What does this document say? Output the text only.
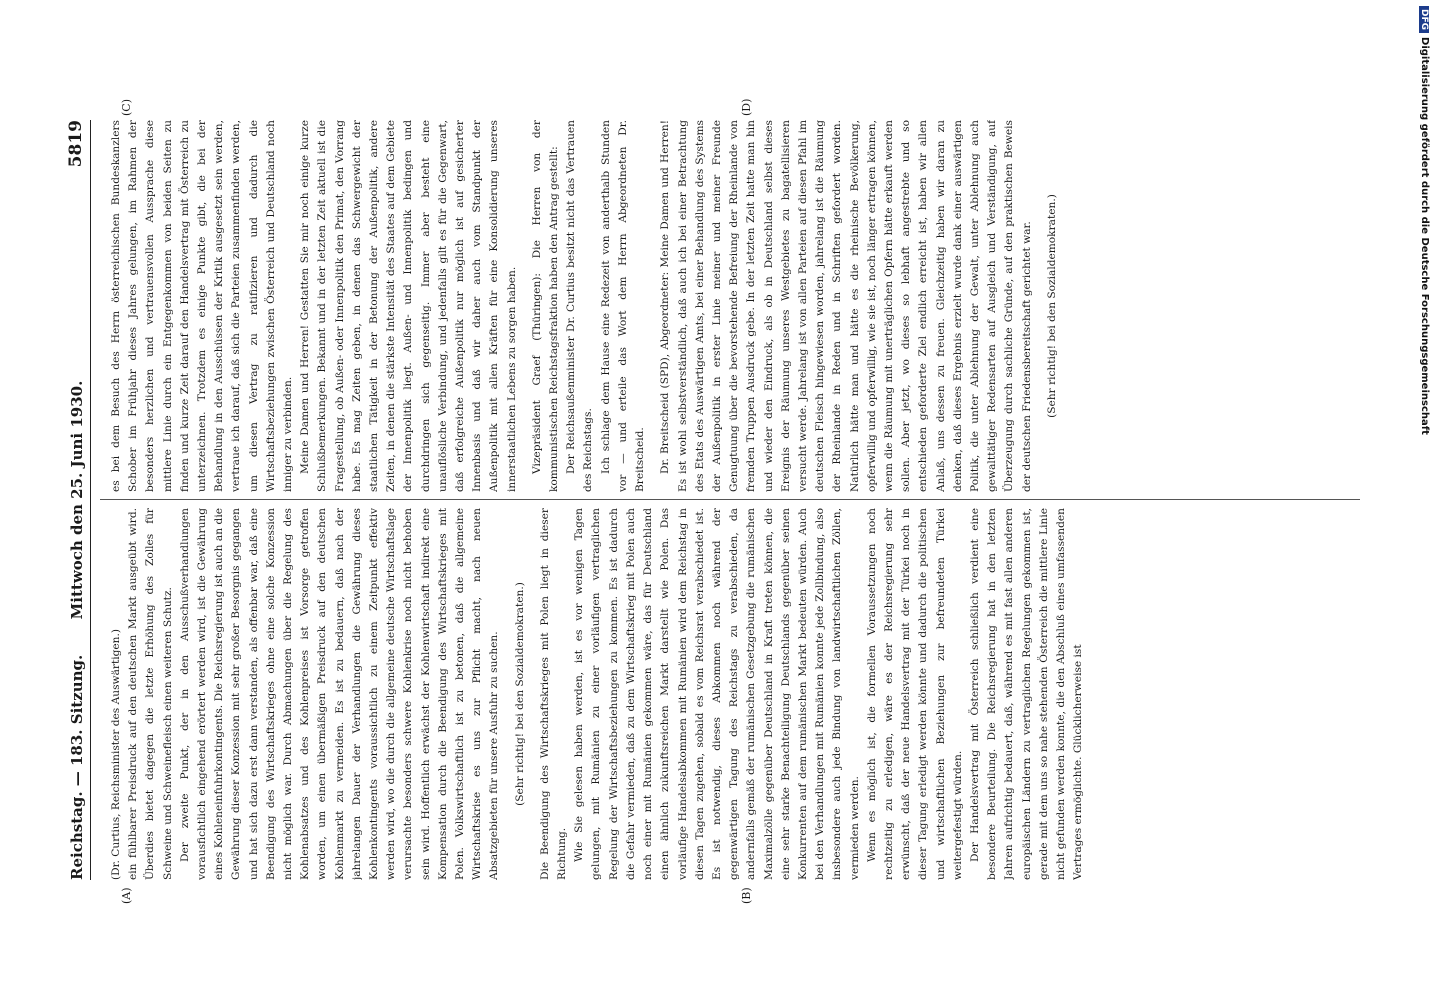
Reichstag. — 183. Sitzung.
Mittwoch den 25. Juni 1930.
5819

(Dr. Curtius, Reichsminister des Auswärtigen.) ein fühlbarer Preisdruck auf den deutschen Markt ausgeübt wird. Überdies bietet dagegen die letzte Erhöhung des Zolles für Schweine und Schweinefleisch einen weiteren Schutz. Der zweite Punkt, der in den Ausschußverhandlungen vorausfichtlich eingehend erörtert werden wird, ist die Gewährung eines Kohleneinfuhrkontingents. Die Reichsregierung ist auch an die Gewährung dieser Konzession mit sehr großer Besorgnis gegangen und hat sich dazu erst dann verstanden, als offenbar war, daß eine Beendigung des Wirtschaftskrieges ohne eine solche Konzession nicht möglich war. Durch Abmachungen über die Regelung des Kohlenabsatzes und des Kohlenpreises ist Vorsorge getroffen worden, um einen übermäßigen Preisdruck auf den deutschen Kohlenmarkt zu vermeiden. Es ist zu bedauern, daß nach der jahrelangen Dauer der Verhandlungen die Gewährung dieses Kohlenkontingents voraussichtlich zu einem Zeitpunkt effektiv werden wird, wo die durch die allgemeine deutsche Wirtschaftslage verursachte besonders schwere Kohlenkrise noch nicht behoben sein wird. Hoffentlich erwächst der Kohlenwirtschaft indirekt eine Kompensation durch die Beendigung des Wirtschaftskrieges mit Polen. Volkswirtschaftlich ist zu betonen, daß die allgemeine Wirtschaftskrise es uns zur Pflicht macht, nach neuen Absatzgebieten für unsere Ausfuhr zu suchen.	(Sehr richtig! bei den Sozialdemokraten.)	Die Beendigung des Wirtschaftskrieges mit Polen liegt in dieser Richtung. Wie Sie gelesen haben werden, ist es vor wenigen Tagen gelungen, mit Rumänien zu einer vorläufigen vertraglichen Regelung der Wirtschaftsbeziehungen zu kommen. Es ist dadurch die Gefahr vermieden, daß zu dem Wirtschaftskrieg mit Polen auch noch einer mit Rumänien gekommen wäre, das für Deutschland einen ähnlich zukunftsreichen Markt darstellt wie Polen. Das vorläufige Handelsabkommen mit Rumänien wird dem Reichstag in diesen Tagen zugehen, sobald es vom Reichsrat verabschiedet ist. Es ist notwendig, dieses Abkommen noch während der gegenwärtigen Tagung des Reichstags zu verabschieden, da andernfalls gemäß der rumänischen Gesetzgebung die rumänischen Maximalzölle gegenüber Deutschland in Kraft treten können, die eine sehr starke Benachteiligung Deutschlands gegenüber seinen Konkurrenten auf dem rumänischen Markt bedeuten würden. Auch bei den Verhandlungen mit Rumänien konnte jede Zollbindung, also insbesondere auch jede Bindung von landwirtschaftlichen Zöllen, vermieden werden. Wenn es möglich ist, die formellen Voraussetzungen noch rechtzeitig zu erledigen, wäre es der Reichsregierung sehr erwünscht, daß der neue Handelsvertrag mit der Türkei noch in dieser Tagung erledigt werden könnte und dadurch die politischen und wirtschaftlichen Beziehungen zur befreundeten Türkei weitergefestigt würden. Der Handelsvertrag mit Österreich schließlich verdient eine besondere Beurteilung. Die Reichsregierung hat in den letzten Jahren aufrichtig bedauert, daß, während es mit fast allen anderen europäischen Ländern zu vertraglichen Regelungen gekommen ist, gerade mit dem uns so nahe stehenden Österreich die mittlere Linie nicht gefunden werden konnte, die den Abschluß eines umfassenden Vertrages ermöglichte. Glücklicherweise ist

es bei dem Besuch des Herrn österreichischen Bundeskanzlers Schober im Frühjahr dieses Jahres gelungen, im Rahmen der besonders herzlichen und vertrauensvollen Aussprache diese mittlere Linie durch ein Entgegenkommen von beiden Seiten zu finden und kurze Zeit darauf den Handelsvertrag mit Österreich zu unterzeichnen. Trotzdem es einige Punkte gibt, die bei der Behandlung in den Ausschüssen der Kritik ausgesetzt sein werden, vertraue ich darauf, daß sich die Parteien zusammenfinden werden, um diesen Vertrag zu ratifizieren und dadurch die Wirtschaftsbeziehungen zwischen Österreich und Deutschland noch inniger zu verbinden. Meine Damen und Herren! Gestatten Sie mir noch einige kurze Schlußbemerkungen. Bekannt und in der letzten Zeit aktuell ist die Fragestellung, ob Außen- oder Innenpolitik den Primat, den Vorrang habe. Es mag Zeiten geben, in denen das Schwergewicht der staatlichen Tätigkeit in der Betonung der Außenpolitik, andere Zeiten, in denen die stärkste Intensität des Staates auf dem Gebiete der Innenpolitik liegt. Außen- und Innenpolitik bedingen und durchdringen sich gegenseitig. Immer aber besteht eine unauflösliche Verbindung, und jedenfalls gilt es für die Gegenwart, daß erfolgreiche Außenpolitik nur möglich ist auf gesicherter Innenbasis und daß wir daher auch vom Standpunkt der Außenpolitik mit allen Kräften für eine Konsolidierung unseres innerstaatlichen Lebens zu sorgen haben.	Vizepräsident Graef (Thüringen): Die Herren von der kommunistischen Reichstagsfraktion haben den Antrag gestellt: Der Reichsaußenminister Dr. Curtius besitzt nicht das Vertrauen des Reichstags. Ich schlage dem Hause eine Redezeit von anderthalb Stunden vor — und erteile das Wort dem Herrn Abgeordneten Dr. Breitscheid.	Dr. Breitscheid (SPD), Abgeordneter: Meine Damen und Herren! Es ist wohl selbstverständlich, daß auch ich bei einer Betrachtung des Etats des Auswärtigen Amts, bei einer Behandlung des Systems der Außenpolitik in erster Linie meiner und meiner Freunde Genugtuung über die bevorstehende Befreiung der Rheinlande von fremden Truppen Ausdruck gebe. In der letzten Zeit hatte man hin und wieder den Eindruck, als ob in Deutschland selbst dieses Ereignis der Räumung unseres Westgebietes zu bagatellisieren versucht werde. Jahrelang ist von allen Parteien auf diesen Pfahl im deutschen Fleisch hingewiesen worden, jahrelang ist die Räumung der Rheinlande in Reden und in Schriften gefordert worden. Natürlich hätte man und hätte es die rheinische Bevölkerung, opferwillig und opferwillig, wie sie ist, noch länger ertragen können, wenn die Räumung mit unerträglichen Opfern hätte erkauft werden sollen. Aber jetzt, wo dieses so lebhaft angestrebte und so entschieden geforderte Ziel endlich erreicht ist, haben wir allen Anlaß, uns dessen zu freuen. Gleichzeitig haben wir daran zu denken, daß dieses Ergebnis erzielt wurde dank einer auswärtigen Politik, die unter Ablehnung der Gewalt, unter Ablehnung auch gewalttätiger Redensarten auf Ausgleich und Verständigung, auf Überzeugung durch sachliche Gründe, auf den praktischen Beweis der deutschen Friedensbereitschaft gerichtet war.	(Sehr richtig! bei den Sozialdemokraten.)

(A)	(B)
(C)	(D)
DFGDigitalisierung gefördert durch die Deutsche Forschungsgemeinschaft
